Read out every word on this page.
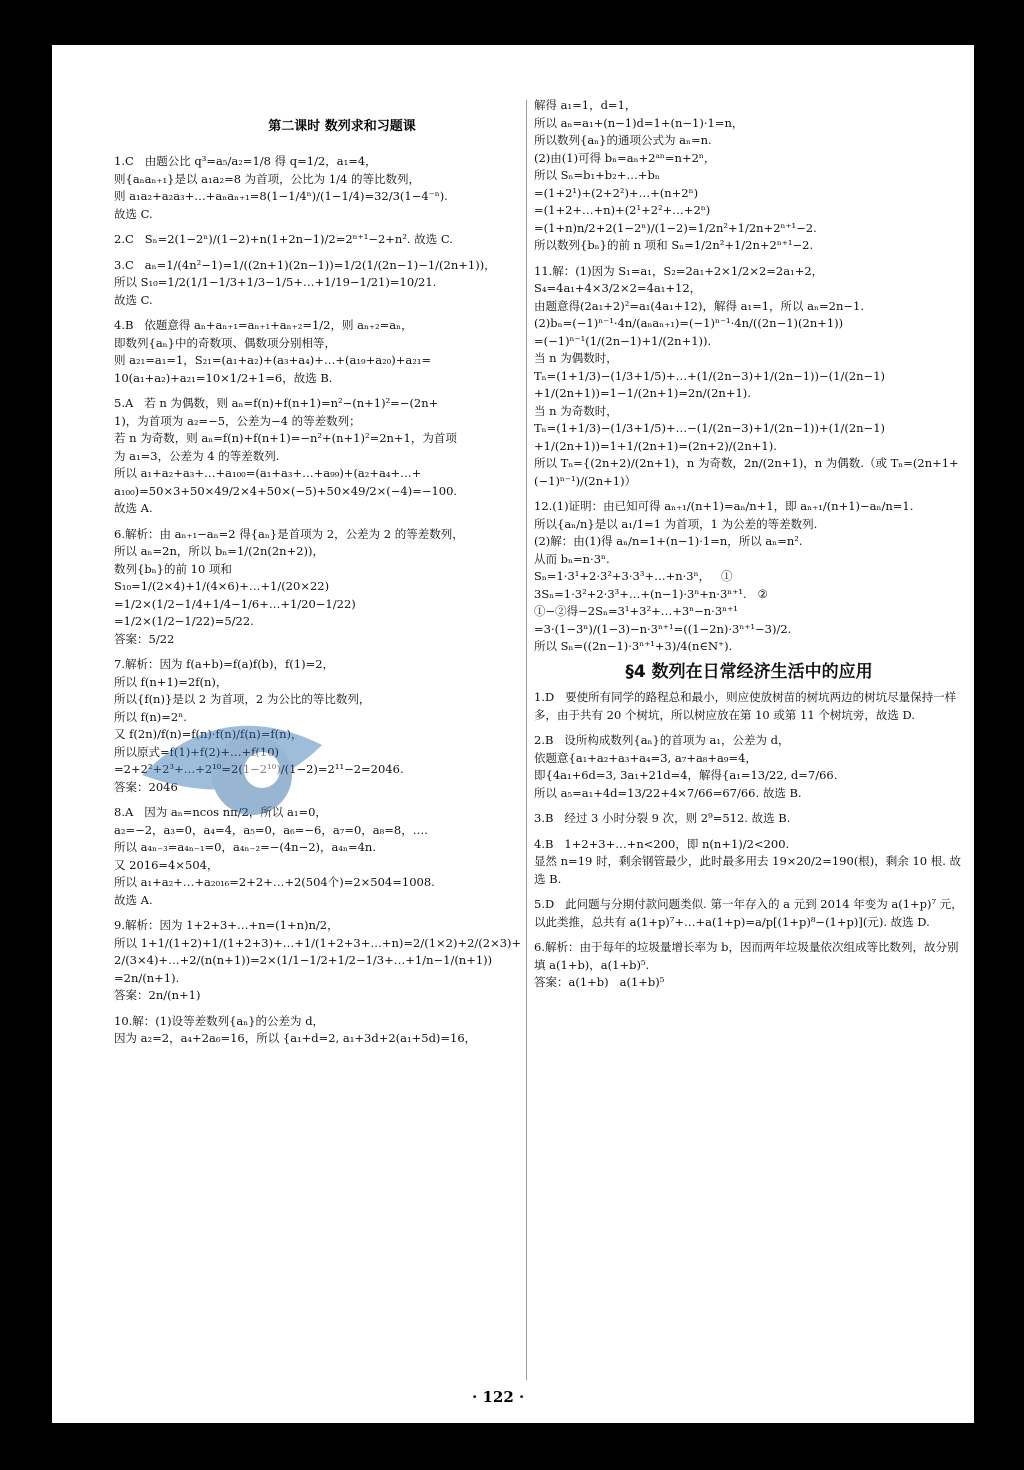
第二课时 数列求和习题课

1.C   由题公比 q³=a₅/a₂=1/8 得 q=1/2，a₁=4，

则{aₙaₙ₊₁}是以 a₁a₂=8 为首项，公比为 1/4 的等比数列，

则 a₁a₂+a₂a₃+…+aₙaₙ₊₁=8(1−1/4ⁿ)/(1−1/4)=32/3(1−4⁻ⁿ).

故选 C.

2.C   Sₙ=2(1−2ⁿ)/(1−2)+n(1+2n−1)/2=2ⁿ⁺¹−2+n². 故选 C.

3.C   aₙ=1/(4n²−1)=1/((2n+1)(2n−1))=1/2(1/(2n−1)−1/(2n+1))，

所以 S₁₀=1/2(1/1−1/3+1/3−1/5+…+1/19−1/21)=10/21.

故选 C.

4.B   依题意得 aₙ+aₙ₊₁=aₙ₊₁+aₙ₊₂=1/2，则 aₙ₊₂=aₙ，

即数列{aₙ}中的奇数项、偶数项分别相等，

则 a₂₁=a₁=1，S₂₁=(a₁+a₂)+(a₃+a₄)+…+(a₁₉+a₂₀)+a₂₁=

10(a₁+a₂)+a₂₁=10×1/2+1=6，故选 B.

5.A   若 n 为偶数，则 aₙ=f(n)+f(n+1)=n²−(n+1)²=−(2n+

1)，为首项为 a₂=−5，公差为−4 的等差数列；

若 n 为奇数，则 aₙ=f(n)+f(n+1)=−n²+(n+1)²=2n+1，为首项

为 a₁=3，公差为 4 的等差数列.

所以 a₁+a₂+a₃+…+a₁₀₀=(a₁+a₃+…+a₉₉)+(a₂+a₄+…+

a₁₀₀)=50×3+50×49/2×4+50×(−5)+50×49/2×(−4)=−100.

故选 A.

6.解析：由 aₙ₊₁−aₙ=2 得{aₙ}是首项为 2，公差为 2 的等差数列，

所以 aₙ=2n，所以 bₙ=1/(2n(2n+2))，

数列{bₙ}的前 10 项和

S₁₀=1/(2×4)+1/(4×6)+…+1/(20×22)

=1/2×(1/2−1/4+1/4−1/6+…+1/20−1/22)

=1/2×(1/2−1/22)=5/22.

答案：5/22

7.解析：因为 f(a+b)=f(a)f(b)，f(1)=2，

所以 f(n+1)=2f(n)，

所以{f(n)}是以 2 为首项，2 为公比的等比数列，

所以 f(n)=2ⁿ.

又 f(2n)/f(n)=f(n)·f(n)/f(n)=f(n)，

所以原式=f(1)+f(2)+…+f(10)

=2+2²+2³+…+2¹⁰=2(1−2¹⁰)/(1−2)=2¹¹−2=2046.

答案：2046

8.A   因为 aₙ=ncos nπ/2，所以 a₁=0，

a₂=−2，a₃=0，a₄=4，a₅=0，a₆=−6，a₇=0，a₈=8，….

所以 a₄ₙ₋₃=a₄ₙ₋₁=0，a₄ₙ₋₂=−(4n−2)，a₄ₙ=4n.

又 2016=4×504，

所以 a₁+a₂+…+a₂₀₁₆=2+2+…+2(504个)=2×504=1008.

故选 A.

9.解析：因为 1+2+3+…+n=(1+n)n/2，

所以 1+1/(1+2)+1/(1+2+3)+…+1/(1+2+3+…+n)=2/(1×2)+2/(2×3)+

2/(3×4)+…+2/(n(n+1))=2×(1/1−1/2+1/2−1/3+…+1/n−1/(n+1))

=2n/(n+1).

答案：2n/(n+1)

10.解：(1)设等差数列{aₙ}的公差为 d，

因为 a₂=2，a₄+2a₆=16，所以 {a₁+d=2, a₁+3d+2(a₁+5d)=16，

解得 a₁=1，d=1，

所以 aₙ=a₁+(n−1)d=1+(n−1)·1=n，

所以数列{aₙ}的通项公式为 aₙ=n.

(2)由(1)可得 bₙ=aₙ+2ᵃⁿ=n+2ⁿ，

所以 Sₙ=b₁+b₂+…+bₙ

=(1+2¹)+(2+2²)+…+(n+2ⁿ)

=(1+2+…+n)+(2¹+2²+…+2ⁿ)

=(1+n)n/2+2(1−2ⁿ)/(1−2)=1/2n²+1/2n+2ⁿ⁺¹−2.

所以数列{bₙ}的前 n 项和 Sₙ=1/2n²+1/2n+2ⁿ⁺¹−2.

11.解：(1)因为 S₁=a₁，S₂=2a₁+2×1/2×2=2a₁+2，

S₄=4a₁+4×3/2×2=4a₁+12，

由题意得(2a₁+2)²=a₁(4a₁+12)，解得 a₁=1，所以 aₙ=2n−1.

(2)bₙ=(−1)ⁿ⁻¹·4n/(aₙaₙ₊₁)=(−1)ⁿ⁻¹·4n/((2n−1)(2n+1))

=(−1)ⁿ⁻¹(1/(2n−1)+1/(2n+1)).

当 n 为偶数时，

Tₙ=(1+1/3)−(1/3+1/5)+…+(1/(2n−3)+1/(2n−1))−(1/(2n−1)

+1/(2n+1))=1−1/(2n+1)=2n/(2n+1).

当 n 为奇数时，

Tₙ=(1+1/3)−(1/3+1/5)+…−(1/(2n−3)+1/(2n−1))+(1/(2n−1)

+1/(2n+1))=1+1/(2n+1)=(2n+2)/(2n+1).

所以 Tₙ={(2n+2)/(2n+1)，n 为奇数，2n/(2n+1)，n 为偶数.（或 Tₙ=(2n+1+(−1)ⁿ⁻¹)/(2n+1)）

12.(1)证明：由已知可得 aₙ₊₁/(n+1)=aₙ/n+1，即 aₙ₊₁/(n+1)−aₙ/n=1.

所以{aₙ/n}是以 a₁/1=1 为首项，1 为公差的等差数列.

(2)解：由(1)得 aₙ/n=1+(n−1)·1=n，所以 aₙ=n².

从而 bₙ=n·3ⁿ.

Sₙ=1·3¹+2·3²+3·3³+…+n·3ⁿ，   ①

3Sₙ=1·3²+2·3³+…+(n−1)·3ⁿ+n·3ⁿ⁺¹.   ②

①−②得−2Sₙ=3¹+3²+…+3ⁿ−n·3ⁿ⁺¹

=3·(1−3ⁿ)/(1−3)−n·3ⁿ⁺¹=((1−2n)·3ⁿ⁺¹−3)/2.

所以 Sₙ=((2n−1)·3ⁿ⁺¹+3)/4(n∈N⁺).

§4 数列在日常经济生活中的应用

1.D   要使所有同学的路程总和最小，则应使放树苗的树坑两边的树坑尽量保持一样多，由于共有 20 个树坑，所以树应放在第 10 或第 11 个树坑旁，故选 D.

2.B   设所构成数列{aₙ}的首项为 a₁，公差为 d，

依题意{a₁+a₂+a₃+a₄=3, a₇+a₈+a₉=4，

即{4a₁+6d=3, 3a₁+21d=4，解得{a₁=13/22, d=7/66.

所以 a₅=a₁+4d=13/22+4×7/66=67/66. 故选 B.

3.B   经过 3 小时分裂 9 次，则 2⁹=512. 故选 B.

4.B   1+2+3+…+n<200，即 n(n+1)/2<200.

显然 n=19 时，剩余钢管最少，此时最多用去 19×20/2=190(根)，剩余 10 根. 故选 B.

5.D   此问题与分期付款问题类似. 第一年存入的 a 元到 2014 年变为 a(1+p)⁷ 元，以此类推，总共有 a(1+p)⁷+…+a(1+p)=a/p[(1+p)⁸−(1+p)](元). 故选 D.

6.解析：由于每年的垃圾量增长率为 b，因而两年垃圾量依次组成等比数列，故分别填 a(1+b)，a(1+b)⁵.

答案：a(1+b)   a(1+b)⁵

· 122 ·
